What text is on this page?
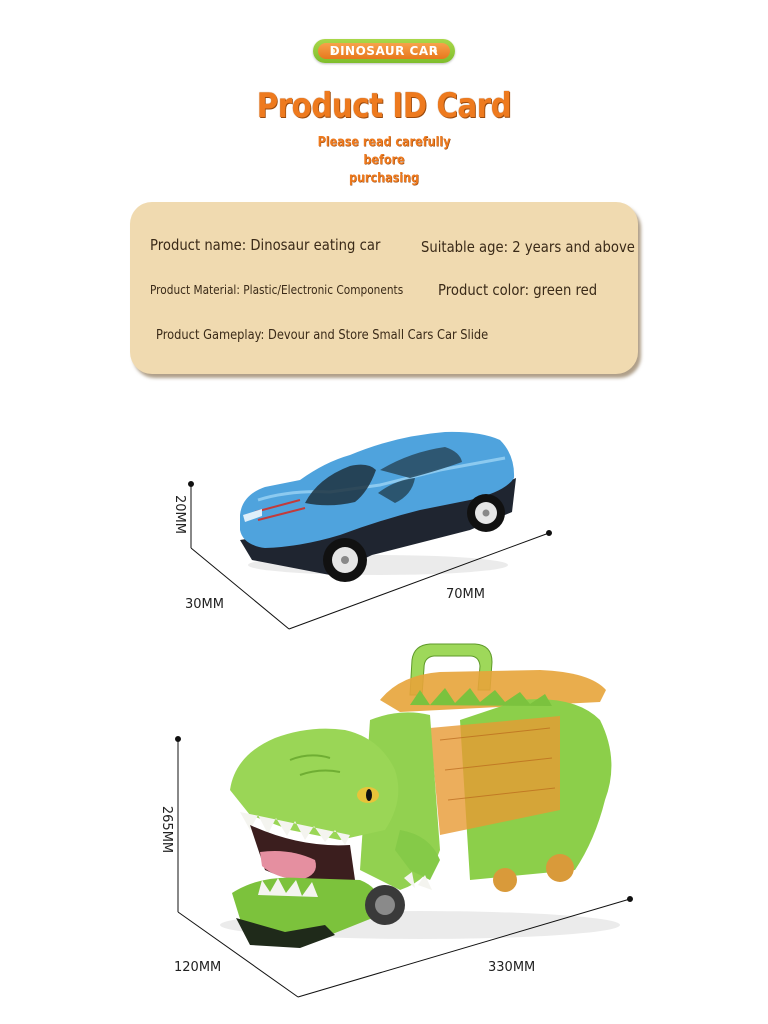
DINOSAUR CAR
Product ID Card
Please read carefully before
purchasing
Product name: Dinosaur eating car	Suitable age: 2 years and above
Product Material: Plastic/Electronic Components Product color: green red
Product Gameplay: Devour and Store Small Cars Car Slide
20MM
30MM
70MM
265MM
120MM	330MM
